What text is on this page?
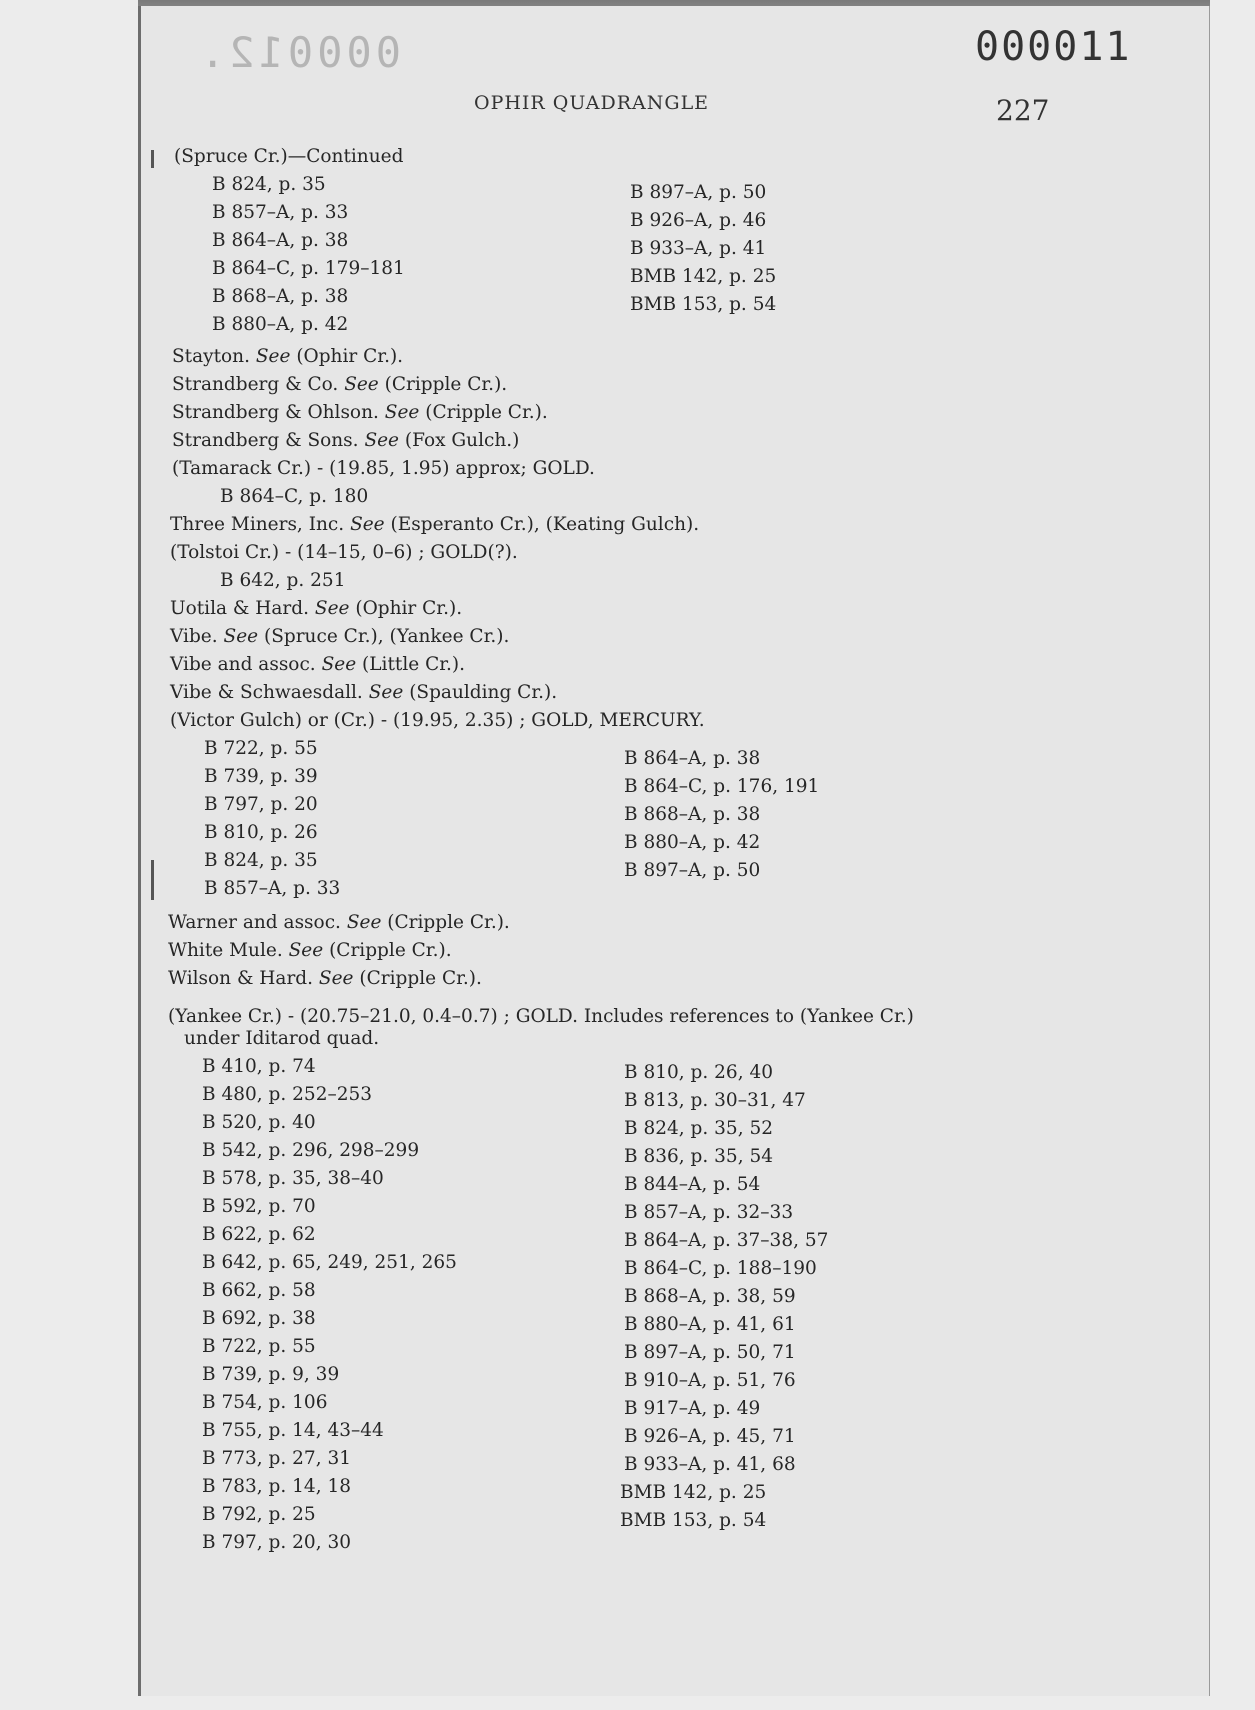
000012.	000011
OPHIR QUADRANGLE	227
(Spruce Cr.)—Continued
B 824, p. 35
B 857–A, p. 33
B 864–A, p. 38
B 864–C, p. 179–181
B 868–A, p. 38
B 880–A, p. 42
B 897–A, p. 50
B 926–A, p. 46
B 933–A, p. 41
BMB 142, p. 25
BMB 153, p. 54
Stayton. See (Ophir Cr.).
Strandberg & Co. See (Cripple Cr.).
Strandberg & Ohlson. See (Cripple Cr.).
Strandberg & Sons. See (Fox Gulch.)
(Tamarack Cr.) - (19.85, 1.95) approx; GOLD.
B 864–C, p. 180
Three Miners, Inc. See (Esperanto Cr.), (Keating Gulch).
(Tolstoi Cr.) - (14–15, 0–6) ; GOLD(?).
B 642, p. 251
Uotila & Hard. See (Ophir Cr.).
Vibe. See (Spruce Cr.), (Yankee Cr.).
Vibe and assoc. See (Little Cr.).
Vibe & Schwaesdall. See (Spaulding Cr.).
(Victor Gulch) or (Cr.) - (19.95, 2.35) ; GOLD, MERCURY.
B 722, p. 55
B 739, p. 39
B 797, p. 20
B 810, p. 26
B 824, p. 35
B 857–A, p. 33
B 864–A, p. 38
B 864–C, p. 176, 191
B 868–A, p. 38
B 880–A, p. 42
B 897–A, p. 50
Warner and assoc. See (Cripple Cr.).
White Mule. See (Cripple Cr.).
Wilson & Hard. See (Cripple Cr.).
(Yankee Cr.) - (20.75–21.0, 0.4–0.7) ; GOLD. Includes references to (Yankee Cr.)
under Iditarod quad.
B 410, p. 74
B 480, p. 252–253
B 520, p. 40
B 542, p. 296, 298–299
B 578, p. 35, 38–40
B 592, p. 70
B 622, p. 62
B 642, p. 65, 249, 251, 265
B 662, p. 58
B 692, p. 38
B 722, p. 55
B 739, p. 9, 39
B 754, p. 106
B 755, p. 14, 43–44
B 773, p. 27, 31
B 783, p. 14, 18
B 792, p. 25
B 797, p. 20, 30
B 810, p. 26, 40
B 813, p. 30–31, 47
B 824, p. 35, 52
B 836, p. 35, 54
B 844–A, p. 54
B 857–A, p. 32–33
B 864–A, p. 37–38, 57
B 864–C, p. 188–190
B 868–A, p. 38, 59
B 880–A, p. 41, 61
B 897–A, p. 50, 71
B 910–A, p. 51, 76
B 917–A, p. 49
B 926–A, p. 45, 71
B 933–A, p. 41, 68
BMB 142, p. 25
BMB 153, p. 54
